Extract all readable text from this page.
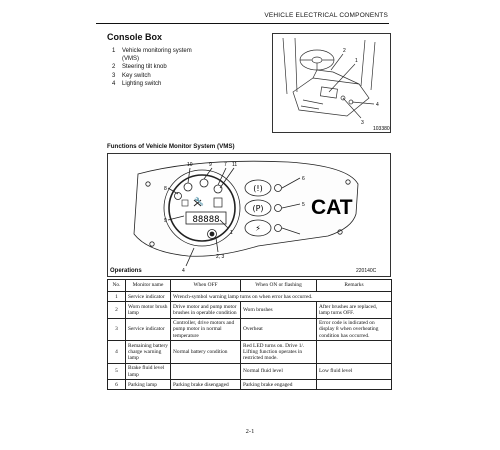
VEHICLE ELECTRICAL COMPONENTS
Console Box
1 Vehicle monitoring system
(VMS)
2 Steering tilt knob
3 Key switch
4 Lighting switch
2
1
4
3
103380
Functions of Vehicle Monitor System (VMS)
(!)
(P)
⚡
🔧
88888
CAT
10	9 7 11
6
5
8
9
1
2, 3
4
Operations	220140C
No.	Monitor name	When OFF	When ON or flashing	Remarks
1	Service indicator	Wrench-symbol warning lamp turns on when error has occurred.		
2	Worn motor brush lamp	Drive motor and pump motor brushes in operable condition	Worn brushes	After brushes are replaced, lamp turns OFF.
3	Service indicator	Controller, drive motors and pump motor in normal temperature	Overheat	Error code is indicated on display 8 when overheating condition has occurred.
4	Remaining battery charge warning lamp	Normal battery condition	Red LED turns on. Drive 1/. Lifting function operates in restricted mode.	
5	Brake fluid level lamp		Normal fluid level	Low fluid level
6	Parking lamp	Parking brake disengaged	Parking brake engaged	
2-1
